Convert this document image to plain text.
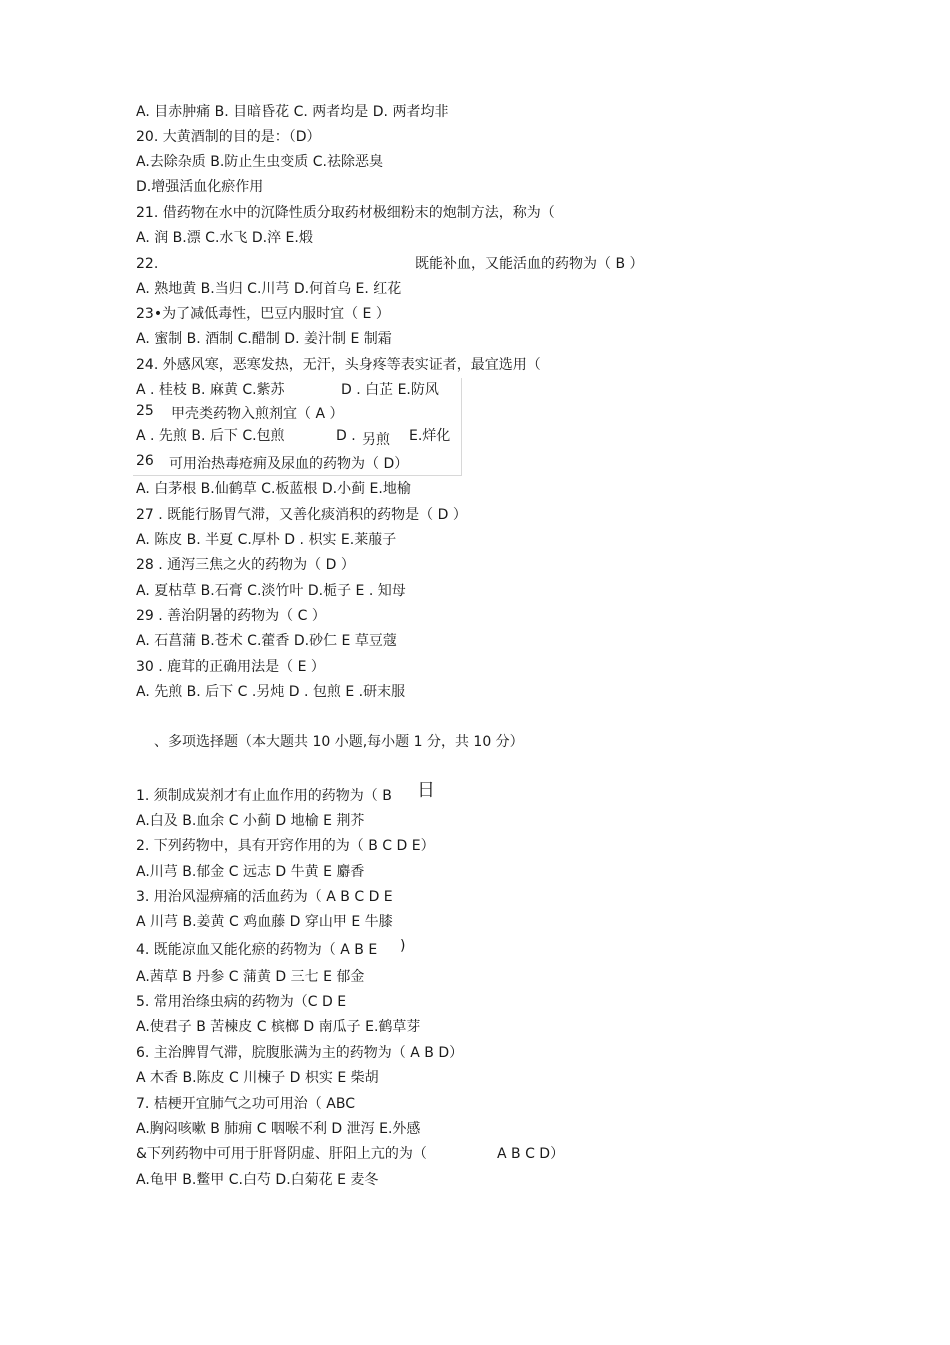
A. 目赤肿痛 B. 目暗昏花 C. 两者均是 D. 两者均非
20. 大黄酒制的目的是：（D）
A.去除杂质 B.防止生虫变质 C.祛除恶臭
D.增强活血化瘀作用
21. 借药物在水中的沉降性质分取药材极细粉末的炮制方法，称为（
A. 润 B.漂 C.水飞 D.淬 E.煅
22.	既能补血，又能活血的药物为（ B ）
A. 熟地黄 B.当归 C.川芎 D.何首乌 E. 红花
23•为了减低毒性，巴豆内服时宜（ E ）
A. 蜜制 B. 酒制 C.醋制 D. 姜汁制 E 制霜
24. 外感风寒，恶寒发热，无汗，头身疼等表实证者，最宜选用（
A . 桂枝 B. 麻黄 C.紫苏	D . 白芷 E.防风
25 甲壳类药物入煎剂宜（ A ）
A . 先煎 B. 后下 C.包煎	D . 另煎 E.烊化
26 可用治热毒疮痈及尿血的药物为（ D）
A. 白茅根 B.仙鹤草 C.板蓝根 D.小蓟 E.地榆
27 . 既能行肠胃气滞，又善化痰消积的药物是（ D ）
A. 陈皮 B. 半夏 C.厚朴 D . 枳实 E.莱菔子
28 . 通泻三焦之火的药物为（ D ）
A. 夏枯草 B.石膏 C.淡竹叶 D.栀子 E . 知母
29 . 善治阴暑的药物为（ C ）
A. 石菖蒲 B.苍术 C.藿香 D.砂仁 E 草豆蔻
30 . 鹿茸的正确用法是（ E ）
A. 先煎 B. 后下 C .另炖 D . 包煎 E .研末服
、多项选择题（本大题共 10 小题,每小题 1 分，共 10 分）
1. 须制成炭剂才有止血作用的药物为（ B 日
A.白及 B.血余 C 小蓟 D 地榆 E 荆芥
2. 下列药物中，具有开窍作用的为（ B C D E）
A.川芎 B.郁金 C 远志 D 牛黄 E 麝香
3. 用治风湿痹痛的活血药为（ A B C D E
A 川芎 B.姜黄 C 鸡血藤 D 穿山甲 E 牛膝
4. 既能凉血又能化瘀的药物为（ A B E )
A.茜草 B 丹参 C 蒲黄 D 三七 E 郁金
5. 常用治绦虫病的药物为（C D E
A.使君子 B 苦楝皮 C 槟榔 D 南瓜子 E.鹤草芽
6. 主治脾胃气滞，脘腹胀满为主的药物为（ A B D）
A 木香 B.陈皮 C 川楝子 D 枳实 E 柴胡
7. 桔梗开宜肺气之功可用治（ ABC
A.胸闷咳嗽 B 肺痈 C 咽喉不利 D 泄泻 E.外感
&下列药物中可用于肝肾阴虚、肝阳上亢的为（	A B C D）
A.龟甲 B.鳖甲 C.白芍 D.白菊花 E 麦冬
